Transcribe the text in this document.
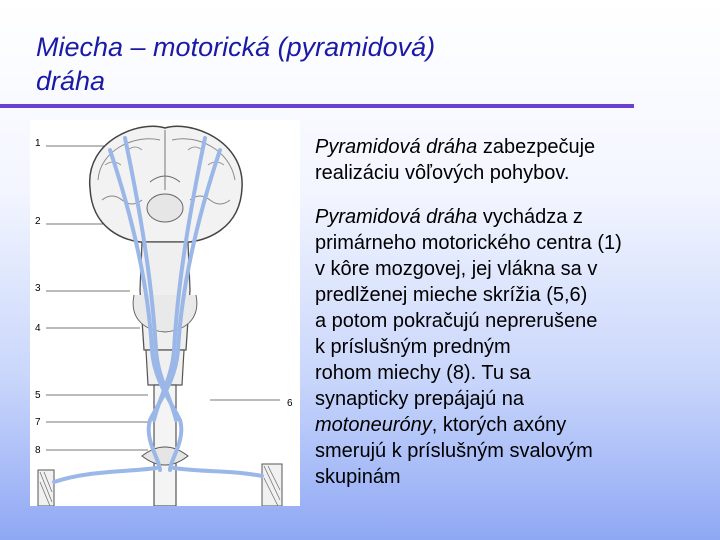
Miecha – motorická (pyramidová)
dráha
1
2
3
4
5
6
7
8

Pyramidová dráha zabezpečuje

realizáciu vôľových pohybov.

Pyramidová dráha vychádza z

primárneho motorického centra (1)

v kôre mozgovej, jej vlákna sa v

predlženej mieche skrížia (5,6)

a potom pokračujú neprerušene

k príslušným predným

rohom miechy (8). Tu sa

synapticky prepájajú na

motoneuróny, ktorých axóny

smerujú k príslušným svalovým

skupinám
